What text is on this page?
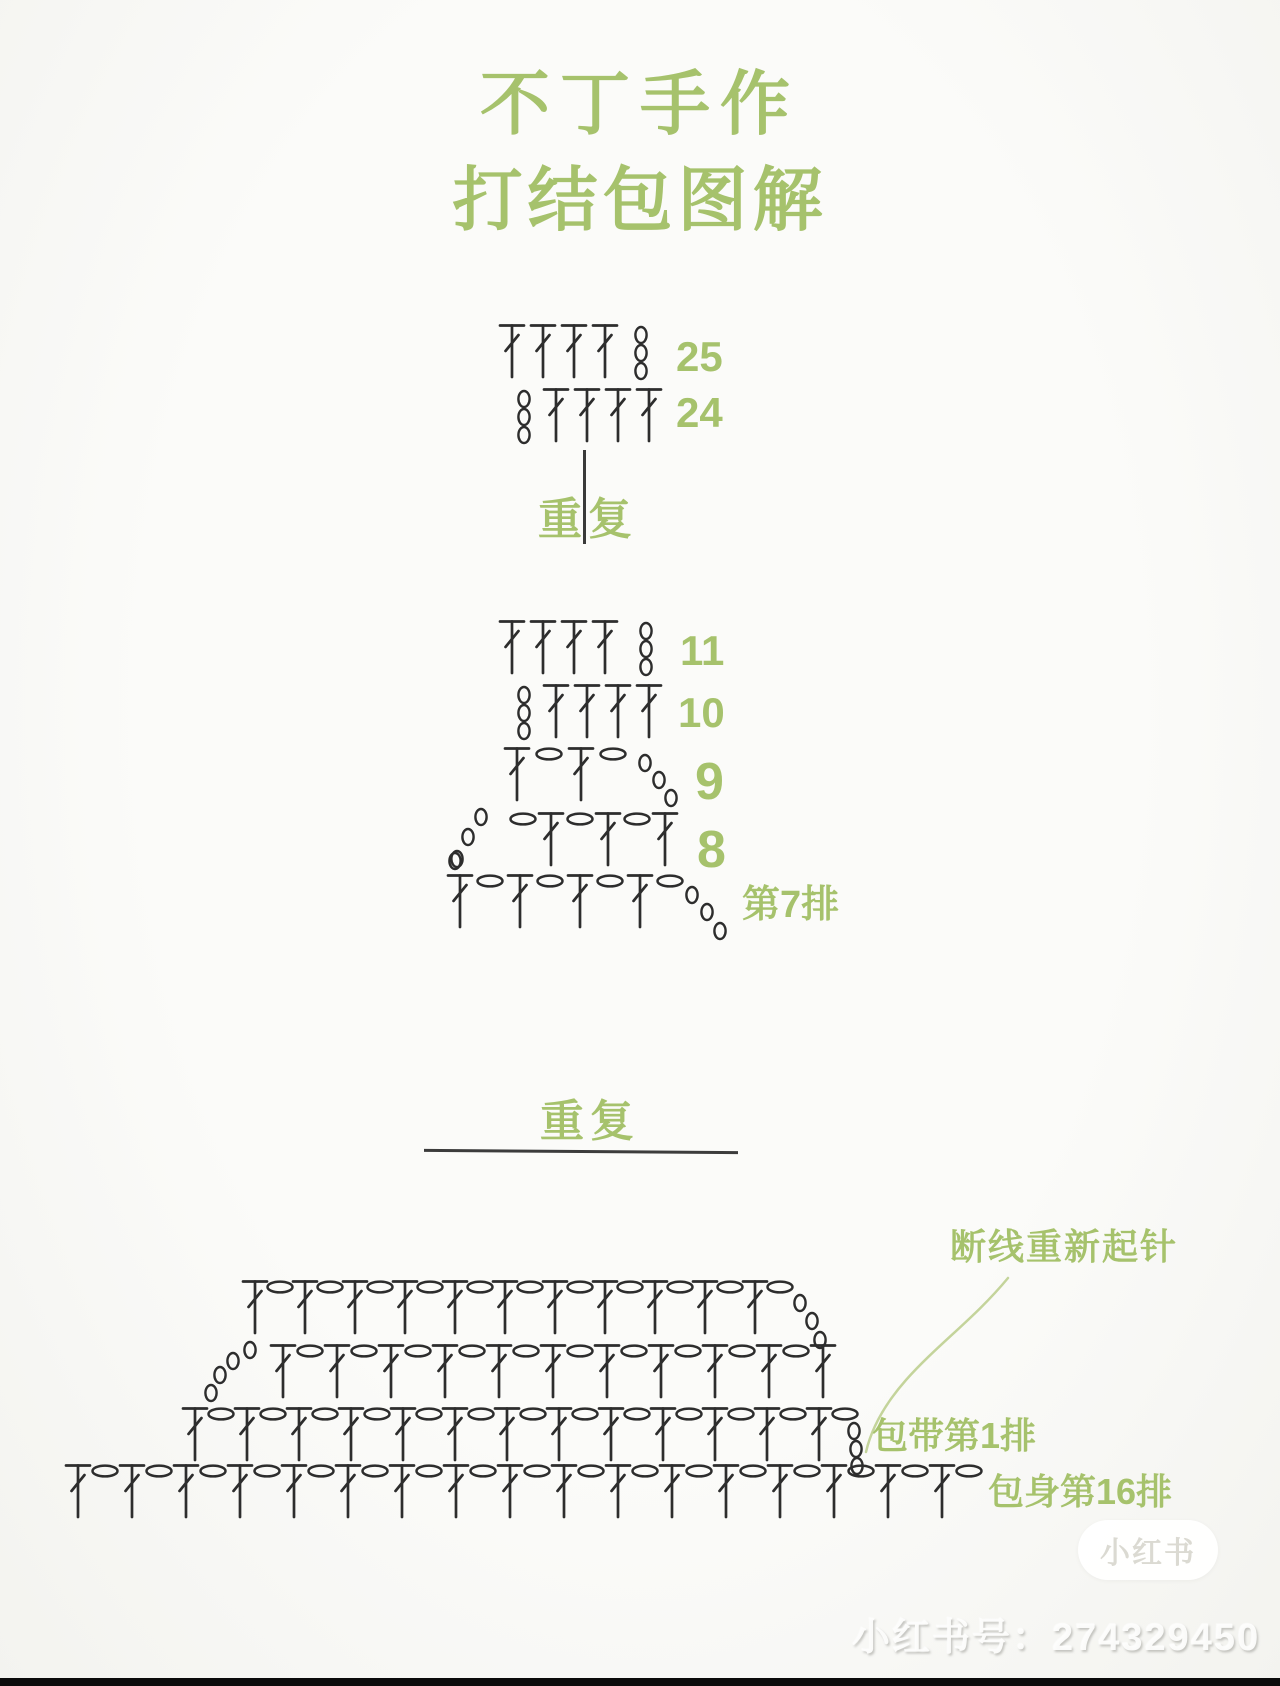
不丁手作
打结包图解
重复
重复
断线重新起针
25
24
11
10
9
8
第7排
包带第1排
包身第16排
小红书
小红书号：274329450
